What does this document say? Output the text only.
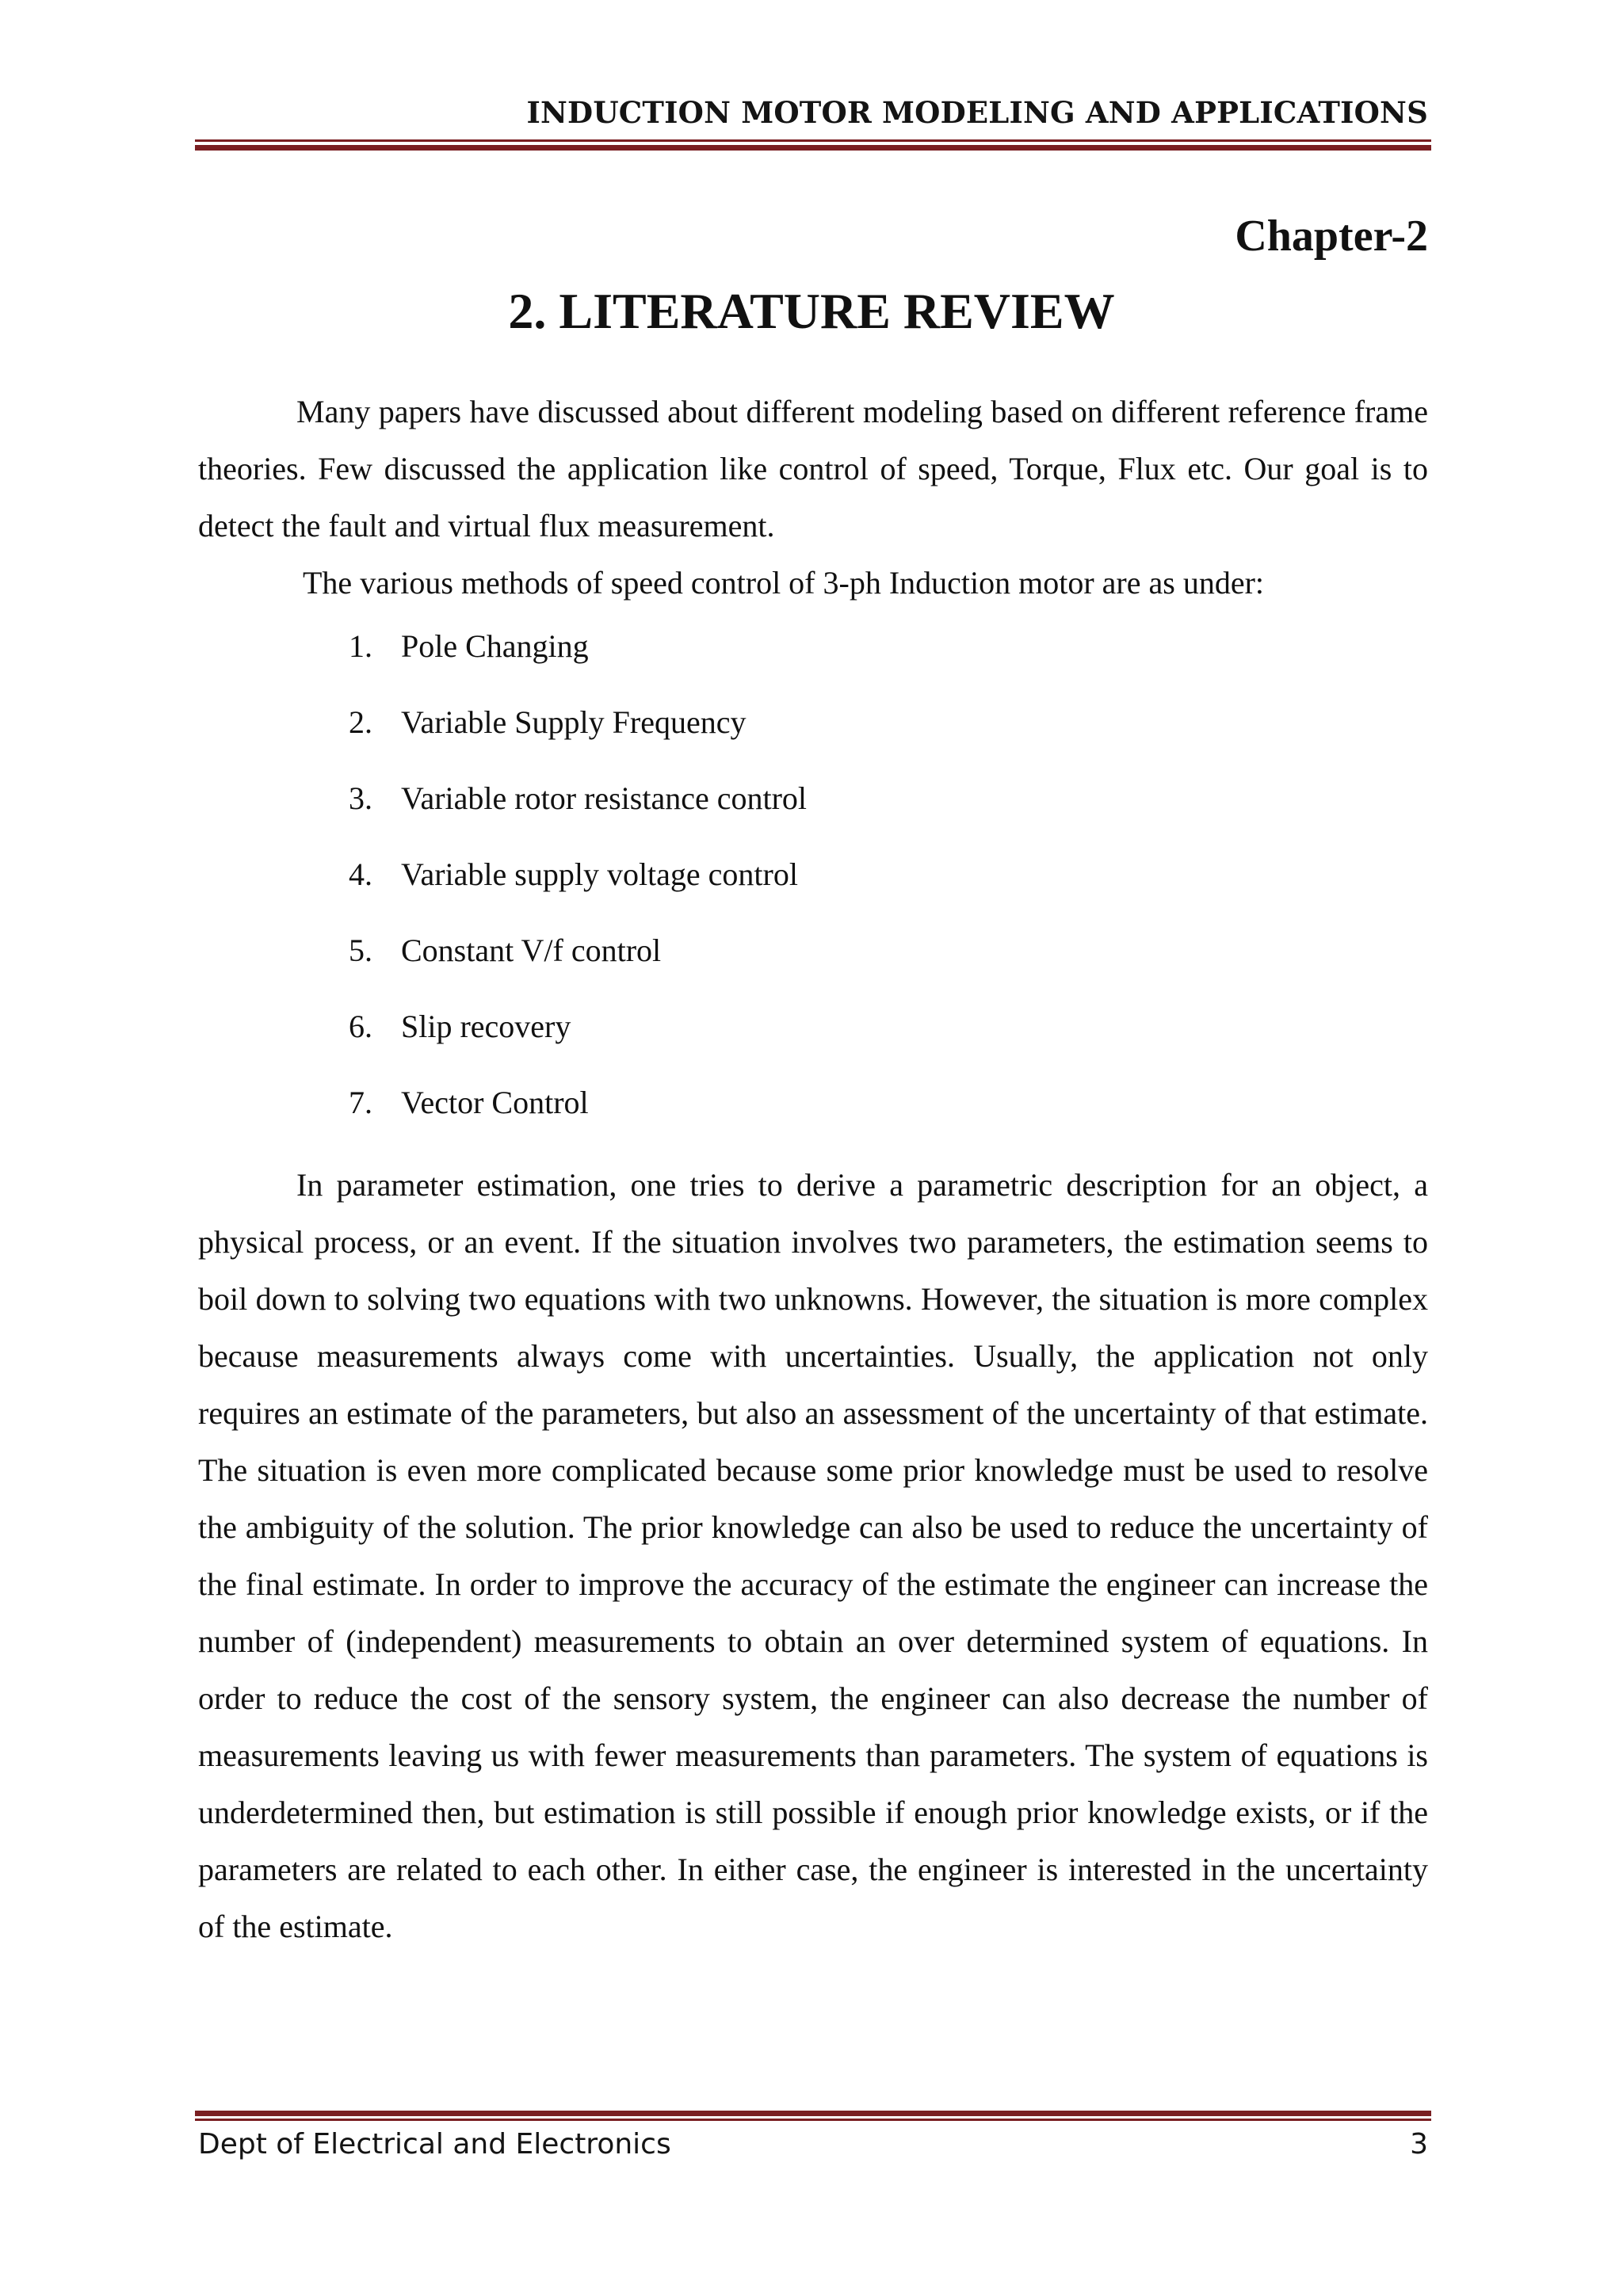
INDUCTION MOTOR MODELING AND APPLICATIONS
Chapter-2
2. LITERATURE REVIEW

Many papers have discussed about different modeling based on different reference frame theories. Few discussed the application like control of speed, Torque, Flux etc. Our goal is to detect the fault and virtual flux measurement.

The various methods of speed control of 3-ph Induction motor are as under:

1. Pole Changing
2. Variable Supply Frequency
3. Variable rotor resistance control
4. Variable supply voltage control
5. Constant V/f control
6. Slip recovery
7. Vector Control

In parameter estimation, one tries to derive a parametric description for an object, a physical process, or an event. If the situation involves two parameters, the estimation seems to boil down to solving two equations with two unknowns. However, the situation is more complex because measurements always come with uncertainties. Usually, the application not only requires an estimate of the parameters, but also an assessment of the uncertainty of that estimate. The situation is even more complicated because some prior knowledge must be used to resolve the ambiguity of the solution. The prior knowledge can also be used to reduce the uncertainty of the final estimate. In order to improve the accuracy of the estimate the engineer can increase the number of (independent) measurements to obtain an over determined system of equations. In order to reduce the cost of the sensory system, the engineer can also decrease the number of measurements leaving us with fewer measurements than parameters. The system of equations is underdetermined then, but estimation is still possible if enough prior knowledge exists, or if the parameters are related to each other. In either case, the engineer is interested in the uncertainty of the estimate.

Dept of Electrical and Electronics	3
